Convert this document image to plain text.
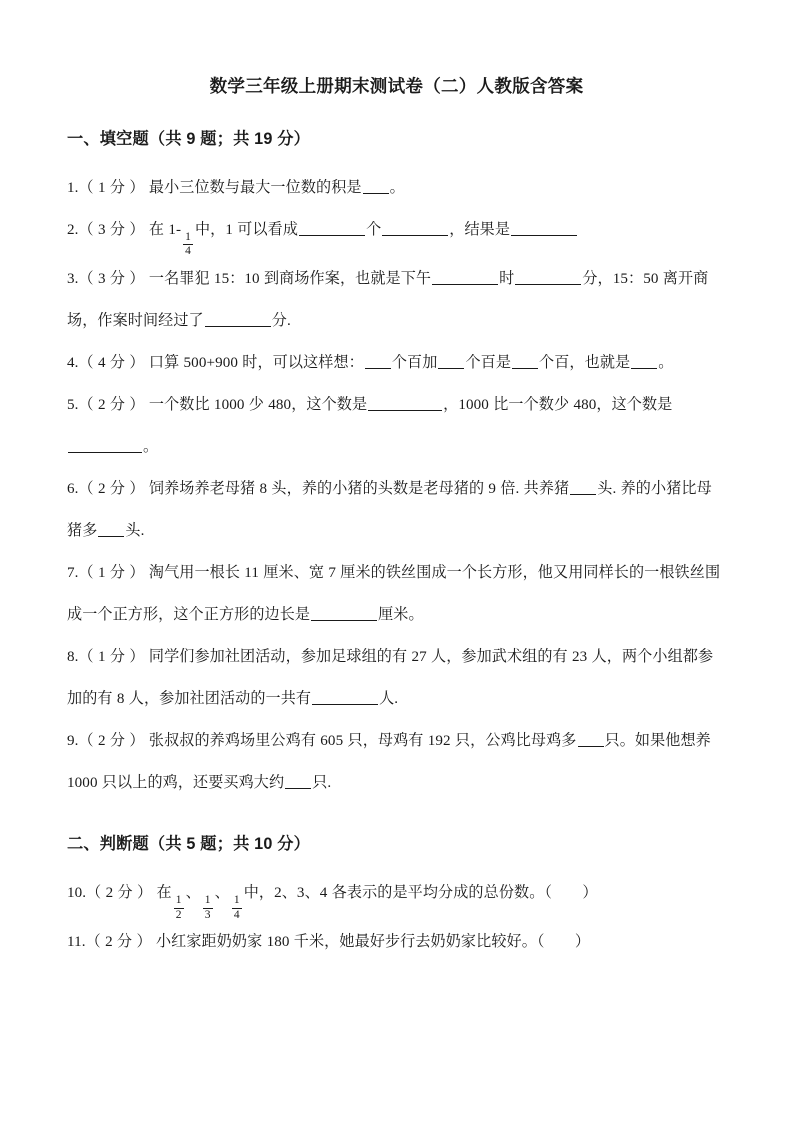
数学三年级上册期末测试卷（二）人教版含答案
一、填空题（共 9 题；共 19 分）
1.（ 1 分 ） 最小三位数与最大一位数的积是 。
2.（ 3 分 ） 在 1-
$\frac{1}{4}$
中，1 可以看成	个	，结果是
3.（ 3 分 ） 一名罪犯 15：10 到商场作案，也就是下午	时	分，15：50 离开商场，作案时间经过了	分.
4.（ 4 分 ） 口算 500+900 时，可以这样想： 个百加 个百是 个百，也就是 。
5.（ 2 分 ） 一个数比 1000 少 480，这个数是	，1000 比一个数少 480，这个数是。
6.（ 2 分 ） 饲养场养老母猪 8 头，养的小猪的头数是老母猪的 9 倍. 共养猪 头. 养的小猪比母猪多 头.
7.（ 1 分 ） 淘气用一根长 11 厘米、宽 7 厘米的铁丝围成一个长方形，他又用同样长的一根铁丝围成一个正方形，这个正方形的边长是	厘米。
8.（ 1 分 ） 同学们参加社团活动，参加足球组的有 27 人，参加武术组的有 23 人，两个小组都参加的有 8 人，参加社团活动的一共有	人.
9.（ 2 分 ） 张叔叔的养鸡场里公鸡有 605 只，母鸡有 192 只，公鸡比母鸡多 只。如果他想养 1000 只以上的鸡，还要买鸡大约 只.
二、判断题（共 5 题；共 10 分）
10.（ 2 分 ） 在
$\frac{1}{2}$
、
$\frac{1}{3}$
、
$\frac{1}{4}$
中，2、3、4 各表示的是平均分成的总份数。（　　）
11.（ 2 分 ） 小红家距奶奶家 180 千米，她最好步行去奶奶家比较好。（　　）
